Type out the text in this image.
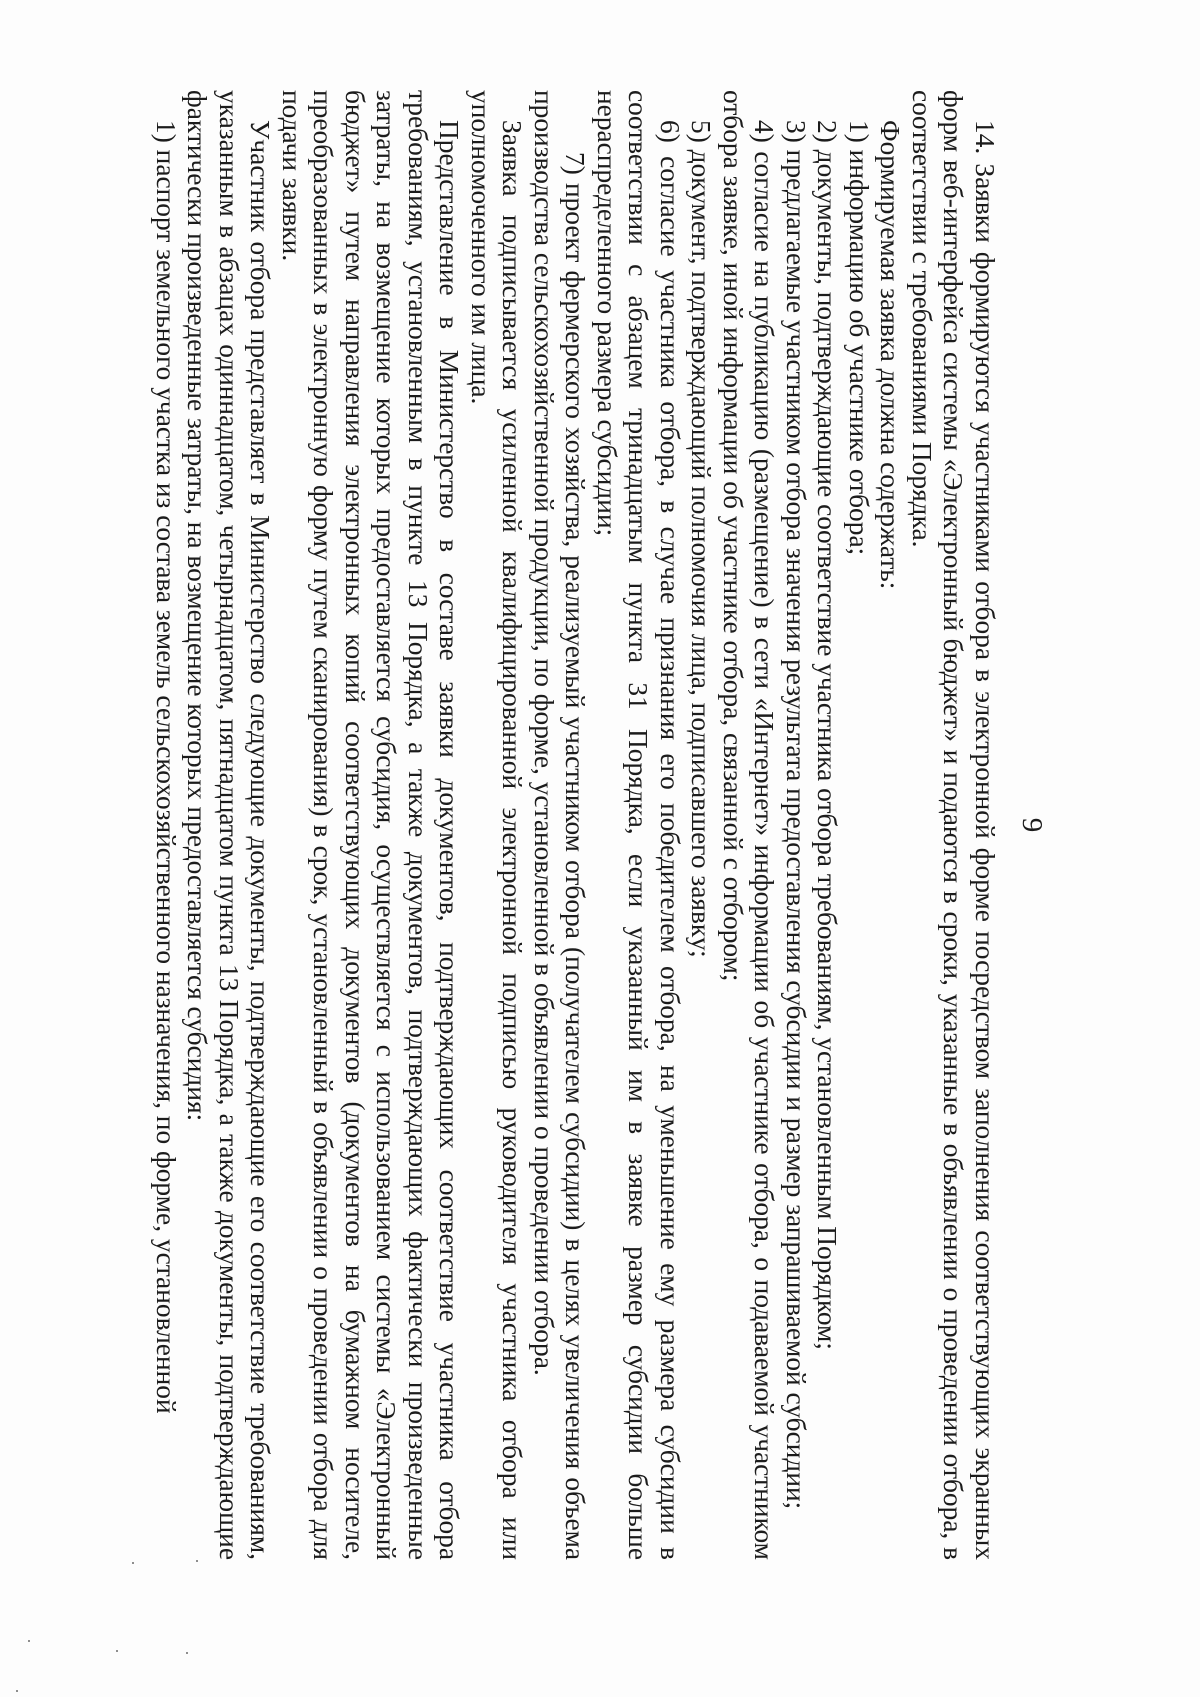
9

14. Заявки формируются участниками отбора в электронной форме посредством заполнения соответствующих экранных форм веб-интерфейса системы «Электронный бюджет» и подаются в сроки, указанные в объявлении о проведении отбора, в соответствии с требованиями Порядка.

Формируемая заявка должна содержать:

1) информацию об участнике отбора;

2) документы, подтверждающие соответствие участника отбора требованиям, установленным Порядком;

3) предлагаемые участником отбора значения результата предоставления субсидии и размер запрашиваемой субсидии;

4) согласие на публикацию (размещение) в сети «Интернет» информации об участнике отбора, о подаваемой участником отбора заявке, иной информации об участнике отбора, связанной с отбором;

5) документ, подтверждающий полномочия лица, подписавшего заявку;

6) согласие участника отбора, в случае признания его победителем отбора, на уменьшение ему размера субсидии в соответствии с абзацем тринадцатым пункта 31 Порядка, если указанный им в заявке размер субсидии больше нераспределенного размера субсидии;

7) проект фермерского хозяйства, реализуемый участником отбора (получателем субсидии) в целях увеличения объема производства сельскохозяйственной продукции, по форме, установленной в объявлении о проведении отбора.

Заявка подписывается усиленной квалифицированной электронной подписью руководителя участника отбора или уполномоченного им лица.

Представление в Министерство в составе заявки документов, подтверждающих соответствие участника отбора требованиям, установленным в пункте 13 Порядка, а также документов, подтверждающих фактически произведенные затраты, на возмещение которых предоставляется субсидия, осуществляется с использованием системы «Электронный бюджет» путем направления электронных копий соответствующих документов (документов на бумажном носителе, преобразованных в электронную форму путем сканирования) в срок, установленный в объявлении о проведении отбора для подачи заявки.

Участник отбора представляет в Министерство следующие документы, подтверждающие его соответствие требованиям, указанным в абзацах одиннадцатом, четырнадцатом, пятнадцатом пункта 13 Порядка, а также документы, подтверждающие фактически произведенные затраты, на возмещение которых предоставляется субсидия:

1) паспорт земельного участка из состава земель сельскохозяйственного назначения, по форме, установленной
